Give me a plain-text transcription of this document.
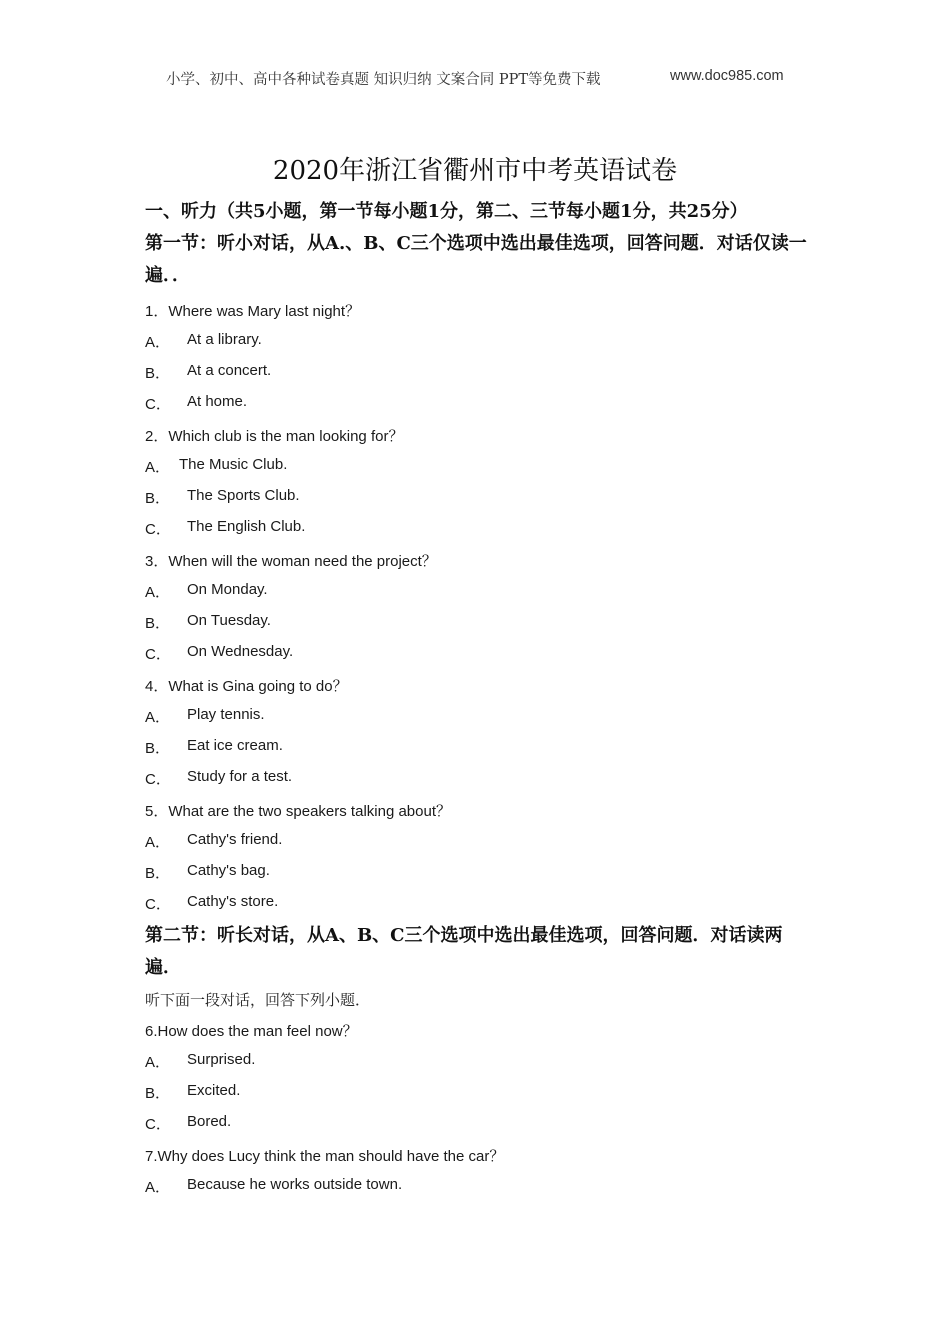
小学、初中、高中各种试卷真题 知识归纳 文案合同 PPT等免费下载	www.doc985.com
2020年浙江省衢州市中考英语试卷
一、听力（共5小题，第一节每小题1分，第二、三节每小题1分，共25分）
第一节：听小对话，从A.、B、C三个选项中选出最佳选项，回答问题．对话仅读一遍．．
1．Where was Mary last night？
A． At a library.
B． At a concert.
C． At home.
2．Which club is the man looking for？
A． The Music Club.
B． The Sports Club.
C． The English Club.
3．When will the woman need the project？
A． On Monday.
B． On Tuesday.
C． On Wednesday.
4．What is Gina going to do？
A． Play tennis.
B． Eat ice cream.
C． Study for a test.
5．What are the two speakers talking about？
A． Cathy's friend.
B． Cathy's bag.
C． Cathy's store.
第二节：听长对话，从A、B、C三个选项中选出最佳选项，回答问题．对话读两遍．
听下面一段对话，回答下列小题．
6.How does the man feel now？
A． Surprised.
B． Excited.
C． Bored.
7.Why does Lucy think the man should have the car？
A． Because he works outside town.
